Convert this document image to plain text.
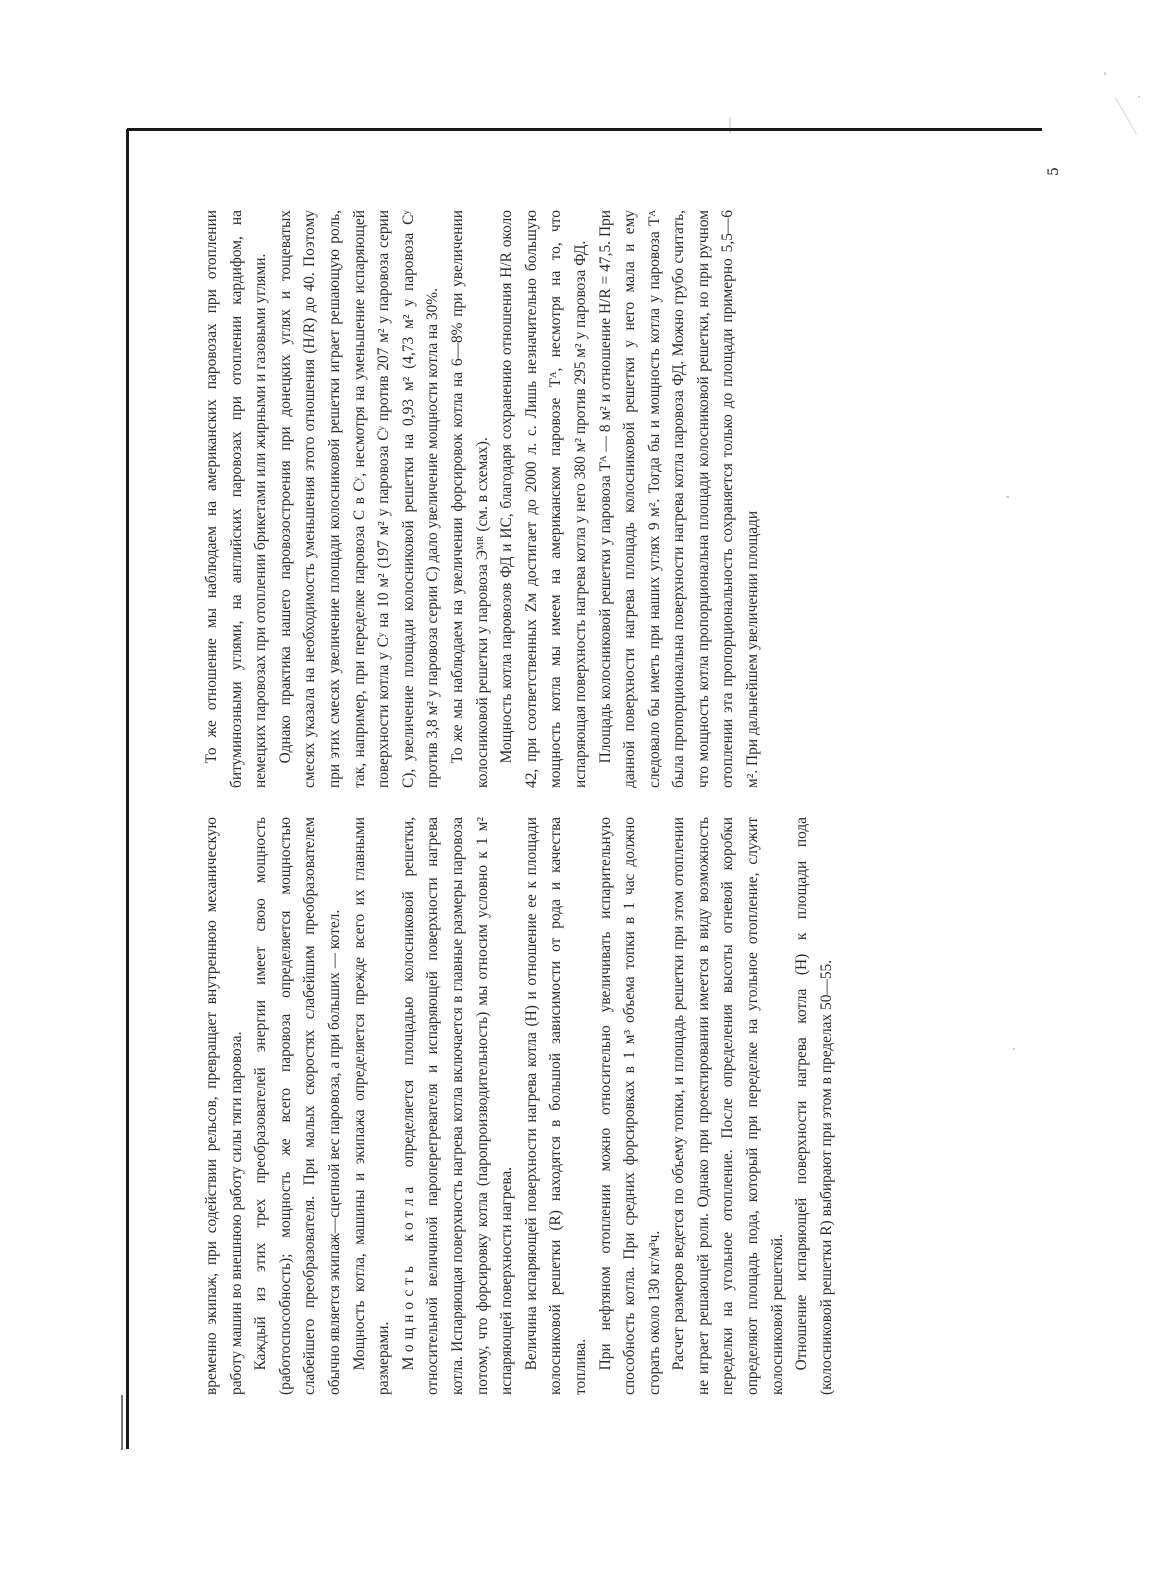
5

временно экипаж, при содействии рельсов, превращает внутреннюю механическую работу машин во внешнюю работу силы тяги паровоза. Каждый из этих трех преобразователей энергии имеет свою мощность (работоспособность); мощность же всего паровоза определяется мощностью слабейшего преобразователя. При малых скоростях слабейшим преобразователем обычно является экипаж—сцепной вес паровоза, а при больших — котел. Мощность котла, машины и экипажа определяется прежде всего их главными размерами. Мощность котла определяется площадью колосниковой решетки, относительной величиной пароперегревателя и испаряющей поверхности нагрева котла. Испаряющая поверхность нагрева котла включается в главные размеры паровоза потому, что форсировку котла (паропроизводительность) мы относим условно к 1 м² испаряющей поверхности нагрева. Величина испаряющей поверхности нагрева котла (H) и отношение ее к площади колосниковой решетки (R) находятся в большой зависимости от рода и качества топлива. При нефтяном отоплении можно относительно увеличивать испарительную способность котла. При средних форсировках в 1 м³ объема топки в 1 час должно сгорать около 130 кг/м³ч. Расчет размеров ведется по объему топки, и площадь решетки при этом отоплении не играет решающей роли. Однако при проектировании имеется в виду возможность переделки на угольное отопление. После определения высоты огневой коробки определяют площадь пода, который при переделке на угольное отопление, служит колосниковой решеткой. Отношение испаряющей поверхности нагрева котла (H) к площади пода (колосниковой решетки R) выбирают при этом в пределах 50—55.

То же отношение мы наблюдаем на американских паровозах при отоплении битуминозными углями, на английских паровозах при отоплении кардифом, на немецких паровозах при отоплении брикетами или жирными и газовыми углями. Однако практика нашего паровозостроения при донецких углях и тощеватых смесях указала на необходимость уменьшения этого отношения (H/R) до 40. Поэтому при этих смесях увеличение площади колосниковой решетки играет решающую роль, так, например, при переделке паровоза С в Сʸ, несмотря на уменьшение испаряющей поверхности котла у Сʸ на 10 м² (197 м² у паровоза Сʸ против 207 м² у паровоза серии С), увеличение площади колосниковой решетки на 0,93 м² (4,73 м² у паровоза Сʸ против 3,8 м² у паровоза серии С) дало увеличение мощности котла на 30%. То же мы наблюдаем на увеличении форсировок котла на 6—8% при увеличении колосниковой решетки у паровоза Эᴹᴿ (см. в схемах). Мощность котла паровозов ФД и ИС, благодаря сохранению отношения H/R около 42, при соответственных Zм достигает до 2000 л. с. Лишь незначительно большую мощность котла мы имеем на американском паровозе Тᴬ, несмотря на то, что испаряющая поверхность нагрева котла у него 380 м² против 295 м² у паровоза ФД. Площадь колосниковой решетки у паровоза Тᴬ — 8 м² и отношение H/R = 47,5. При данной поверхности нагрева площадь колосниковой решетки у него мала и ему следовало бы иметь при наших углях 9 м². Тогда бы и мощность котла у паровоза Тᴬ была пропорциональна поверхности нагрева котла паровоза ФД. Можно грубо считать, что мощность котла пропорциональна площади колосниковой решетки, но при ручном отоплении эта пропорциональность сохраняется только до площади примерно 5,5—6 м². При дальнейшем увеличении площади
